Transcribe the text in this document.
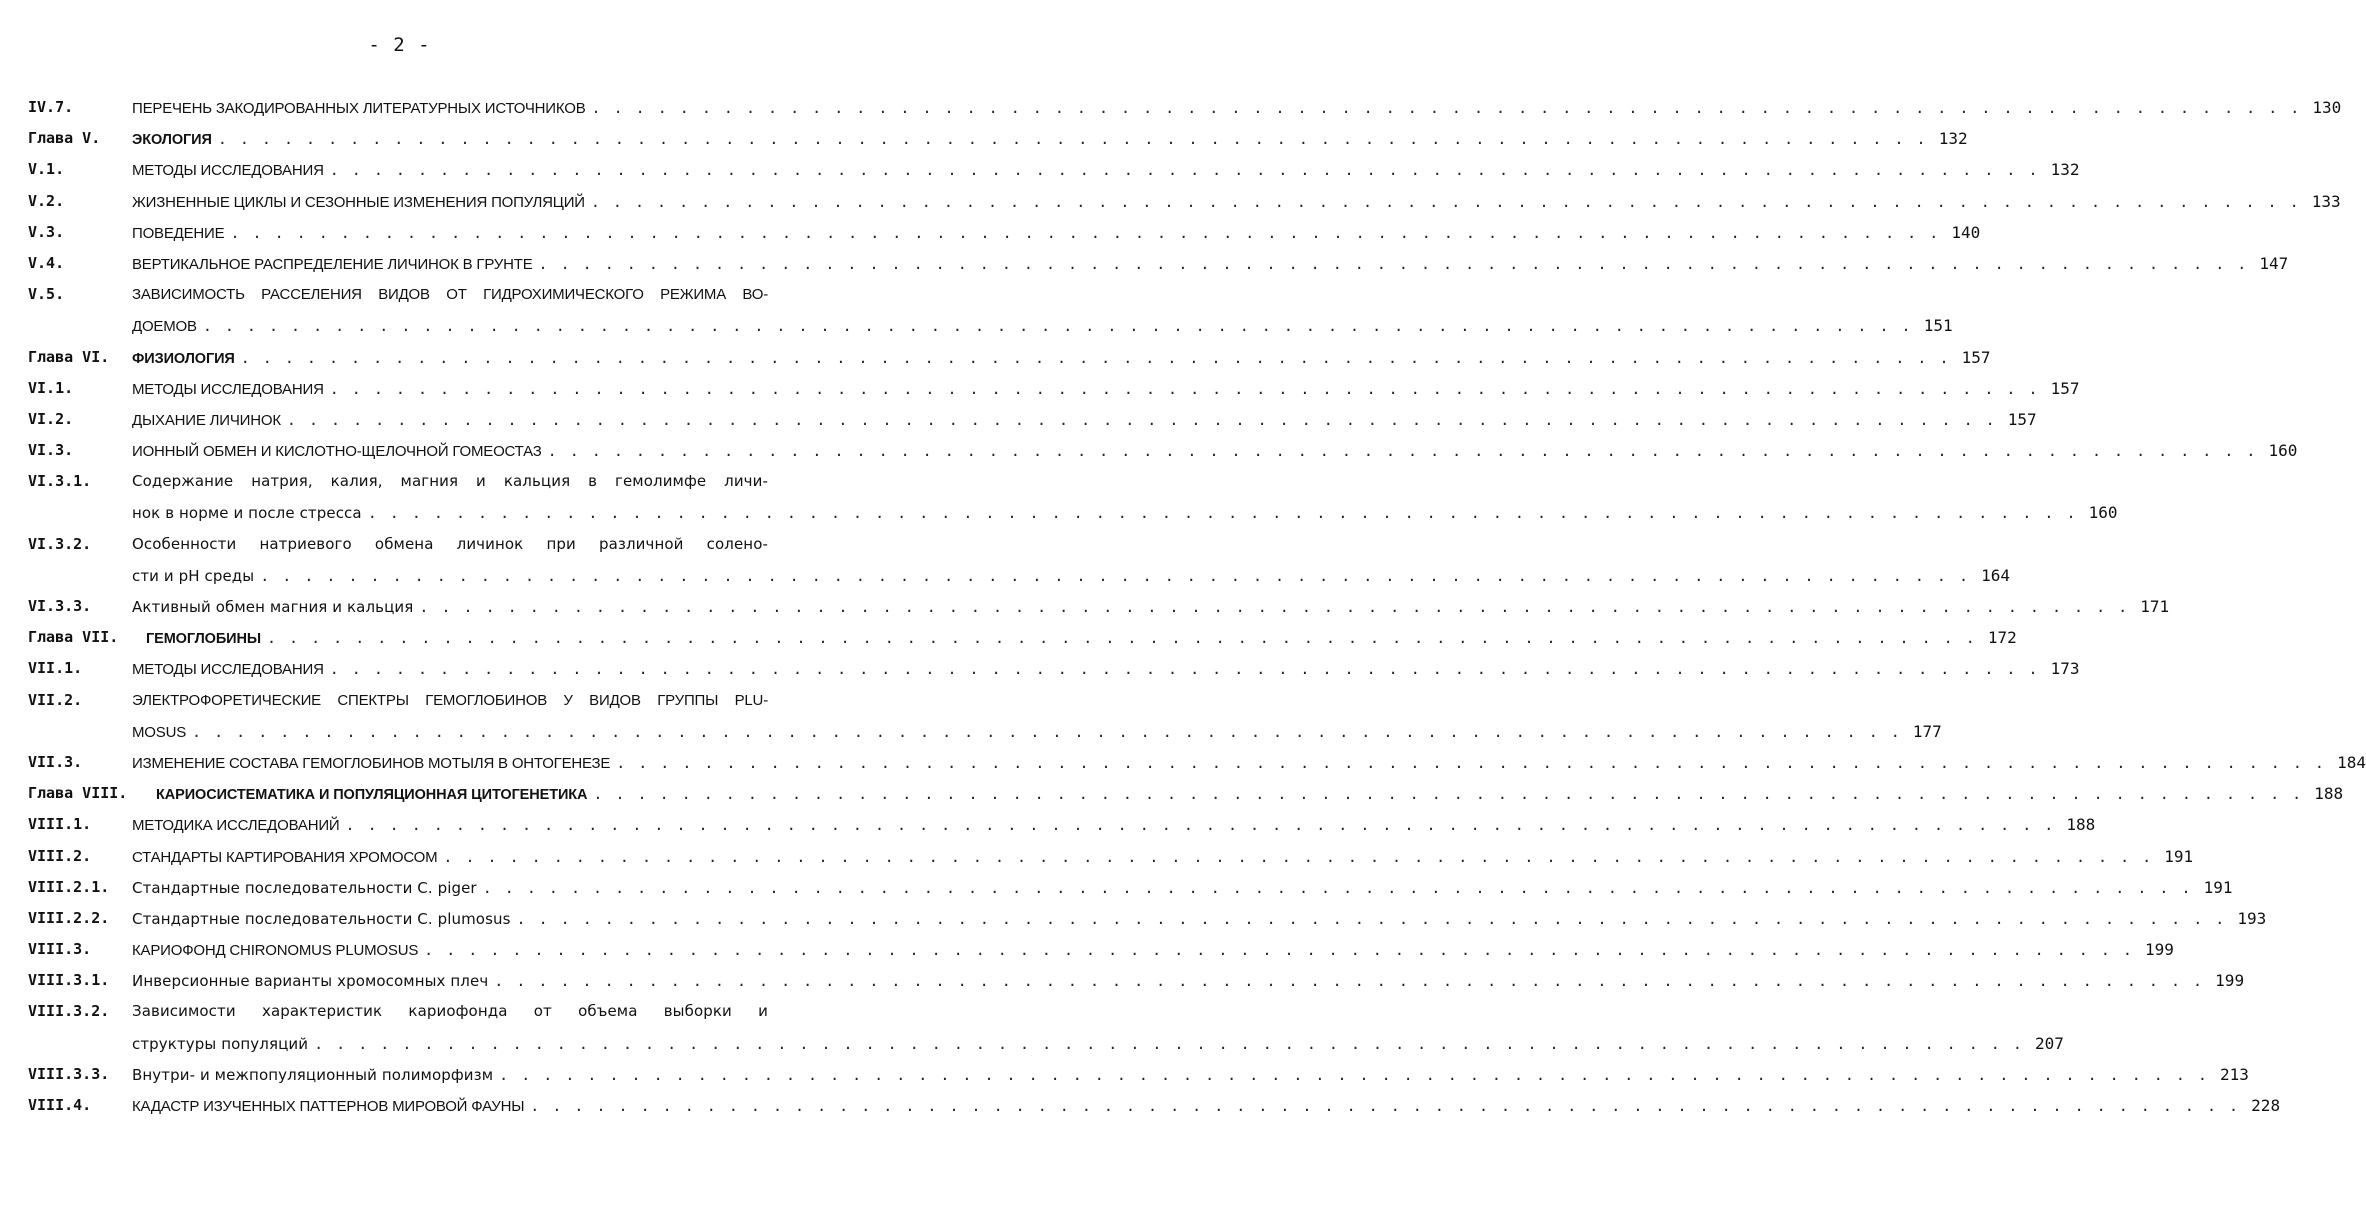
- 2 -
IV.7.	ПЕРЕЧЕНЬ ЗАКОДИРОВАННЫХ ЛИТЕРАТУРНЫХ ИСТОЧНИКОВ . . .	130
Глава V. ЭКОЛОГИЯ . . .	132
V.1.	МЕТОДЫ ИССЛЕДОВАНИЯ . . .	132
V.2.	ЖИЗНЕННЫЕ ЦИКЛЫ И СЕЗОННЫЕ ИЗМЕНЕНИЯ ПОПУЛЯЦИЙ . . .	133
V.3.	ПОВЕДЕНИЕ . . .	140
V.4.	ВЕРТИКАЛЬНОЕ РАСПРЕДЕЛЕНИЕ ЛИЧИНОК В ГРУНТЕ . . .	147
V.5.	ЗАВИСИМОСТЬ РАССЕЛЕНИЯ ВИДОВ ОТ ГИДРОХИМИЧЕСКОГО РЕЖИМА ВО-
ДОЕМОВ . . .	151
Глава VI. ФИЗИОЛОГИЯ . . .	157
VI.1.	МЕТОДЫ ИССЛЕДОВАНИЯ . . .	157
VI.2.	ДЫХАНИЕ ЛИЧИНОК . . .	157
VI.3.	ИОННЫЙ ОБМЕН И КИСЛОТНО-ЩЕЛОЧНОЙ ГОМЕОСТАЗ . . .	160
VI.3.1.	Содержание натрия, калия, магния и кальция в гемолимфе личи-
нок в норме и после стресса . . .	160
VI.3.2.	Особенности натриевого обмена личинок при различной солено-
сти и pH среды . . .	164
VI.3.3.	Активный обмен магния и кальция . . .	171
Глава VII. ГЕМОГЛОБИНЫ . . .	172
VII.1.	МЕТОДЫ ИССЛЕДОВАНИЯ . . .	173
VII.2.	ЭЛЕКТРОФОРЕТИЧЕСКИЕ СПЕКТРЫ ГЕМОГЛОБИНОВ У ВИДОВ ГРУППЫ PLU-
MOSUS . . .	177
VII.3.	ИЗМЕНЕНИЕ СОСТАВА ГЕМОГЛОБИНОВ МОТЫЛЯ В ОНТОГЕНЕЗЕ . . .	184
Глава VIII. КАРИОСИСТЕМАТИКА И ПОПУЛЯЦИОННАЯ ЦИТОГЕНЕТИКА . . .	188
VIII.1.	МЕТОДИКА ИССЛЕДОВАНИЙ . . .	188
VIII.2.	СТАНДАРТЫ КАРТИРОВАНИЯ ХРОМОСОМ . . .	191
VIII.2.1. Стандартные последовательности C. piger . . .	191
VIII.2.2. Стандартные последовательности C. plumosus . . .	193
VIII.3.	КАРИОФОНД CHIRONOMUS PLUMOSUS . . .	199
VIII.3.1. Инверсионные варианты хромосомных плеч . . .	199
VIII.3.2. Зависимости характеристик кариофонда от объема выборки и
структуры популяций . . .	207
VIII.3.3. Внутри- и межпопуляционный полиморфизм . . .	213
VIII.4.	КАДАСТР ИЗУЧЕННЫХ ПАТТЕРНОВ МИРОВОЙ ФАУНЫ . . .	228
